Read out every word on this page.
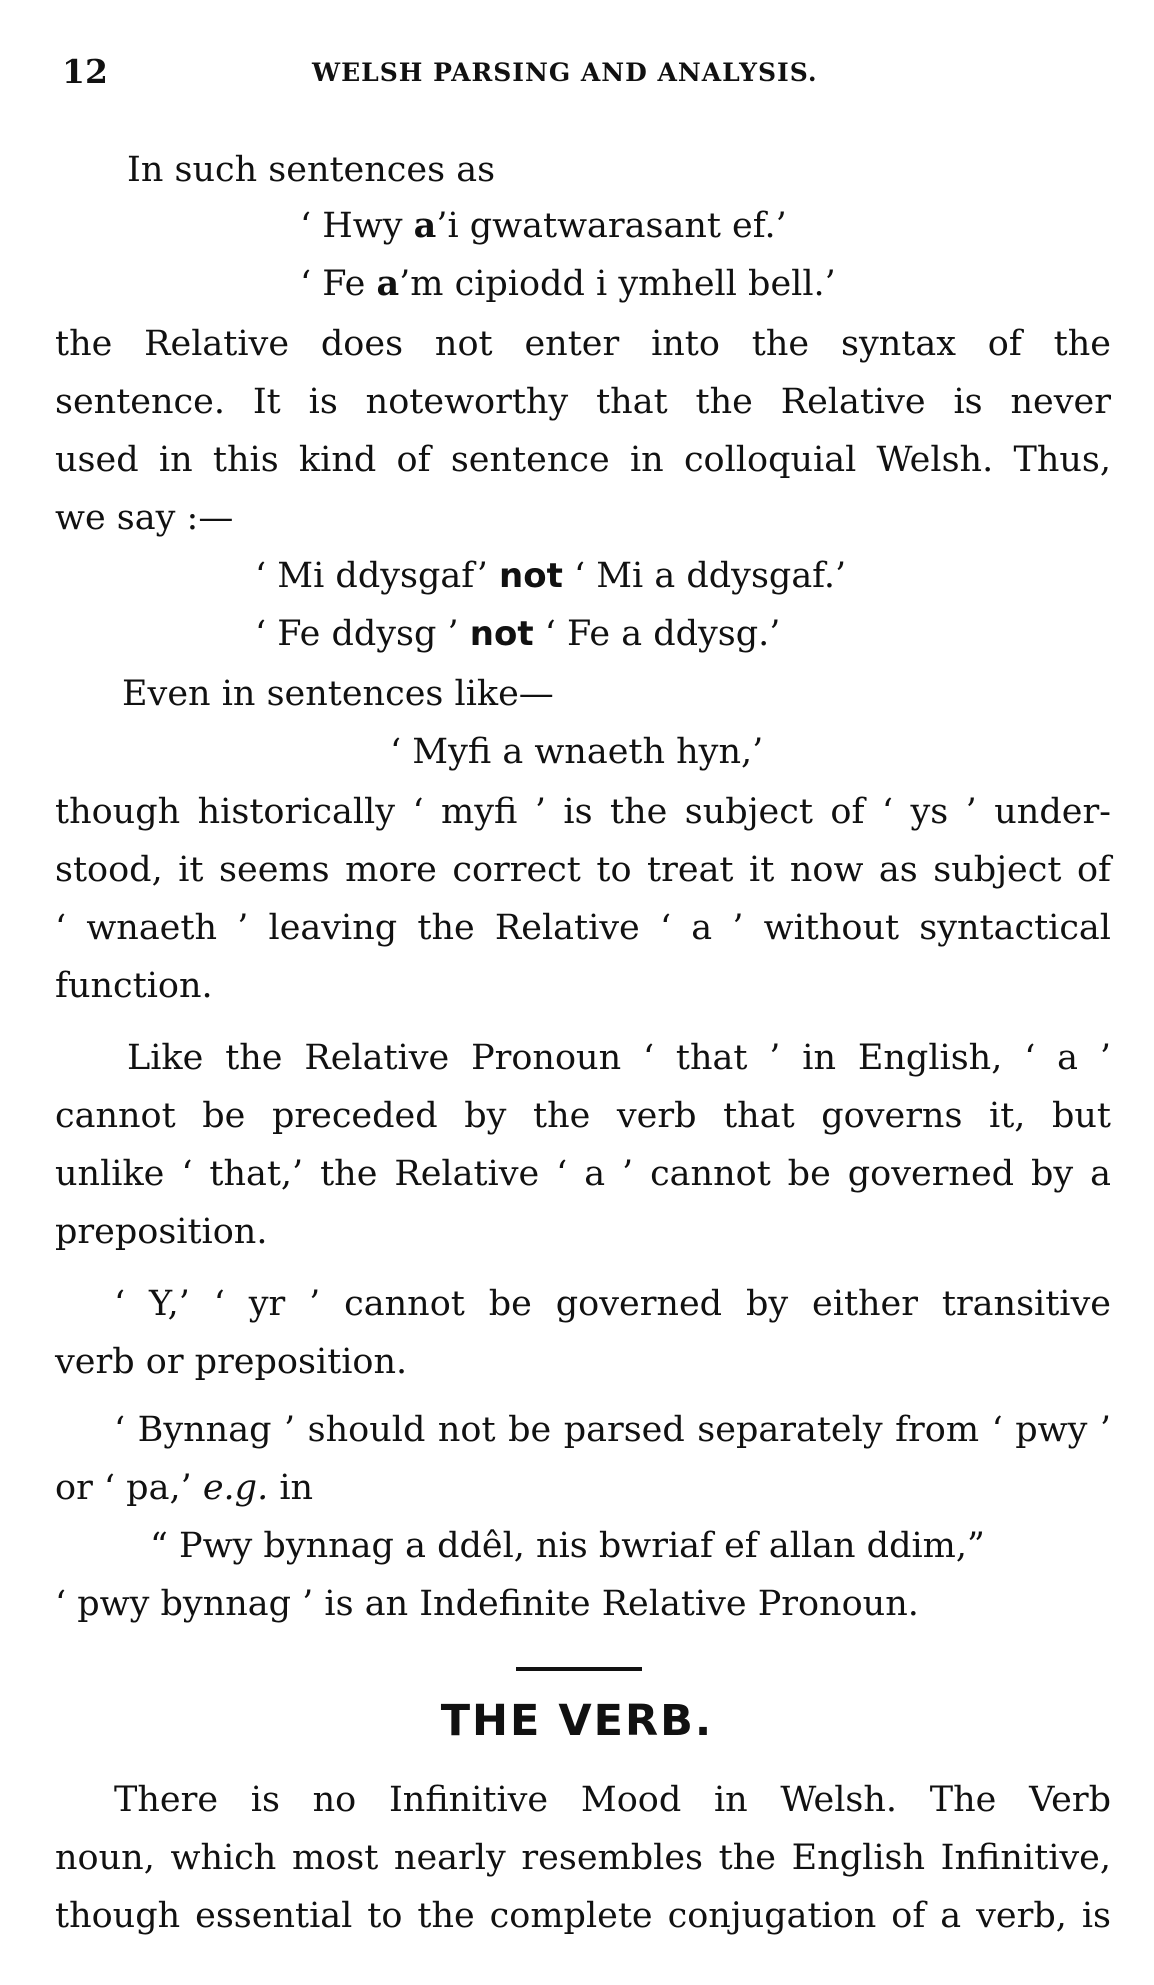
12	WELSH PARSING AND ANALYSIS.
In such sentences as
‘ Hwy a’i gwatwarasant ef.’
‘ Fe a’m cipiodd i ymhell bell.’
the Relative does not enter into the syntax of the
sentence. It is noteworthy that the Relative is never
used in this kind of sentence in colloquial Welsh. Thus,
we say :—
‘ Mi ddysgaf’ not ‘ Mi a ddysgaf.’
‘ Fe ddysg ’ not ‘ Fe a ddysg.’
Even in sentences like—
‘ Myfi a wnaeth hyn,’
though historically ‘ myfi ’ is the subject of ‘ ys ’ under-
stood, it seems more correct to treat it now as subject of
‘ wnaeth ’ leaving the Relative ‘ a ’ without syntactical
function.
Like the Relative Pronoun ‘ that ’ in English, ‘ a ’
cannot be preceded by the verb that governs it, but
unlike ‘ that,’ the Relative ‘ a ’ cannot be governed by a
preposition.
‘ Y,’ ‘ yr ’ cannot be governed by either transitive
verb or preposition.
‘ Bynnag ’ should not be parsed separately from ‘ pwy ’
or ‘ pa,’ e.g. in
“ Pwy bynnag a ddêl, nis bwriaf ef allan ddim,”
‘ pwy bynnag ’ is an Indefinite Relative Pronoun.
THE VERB.
There is no Infinitive Mood in Welsh. The Verb
noun, which most nearly resembles the English Infinitive,
though essential to the complete conjugation of a verb, is
